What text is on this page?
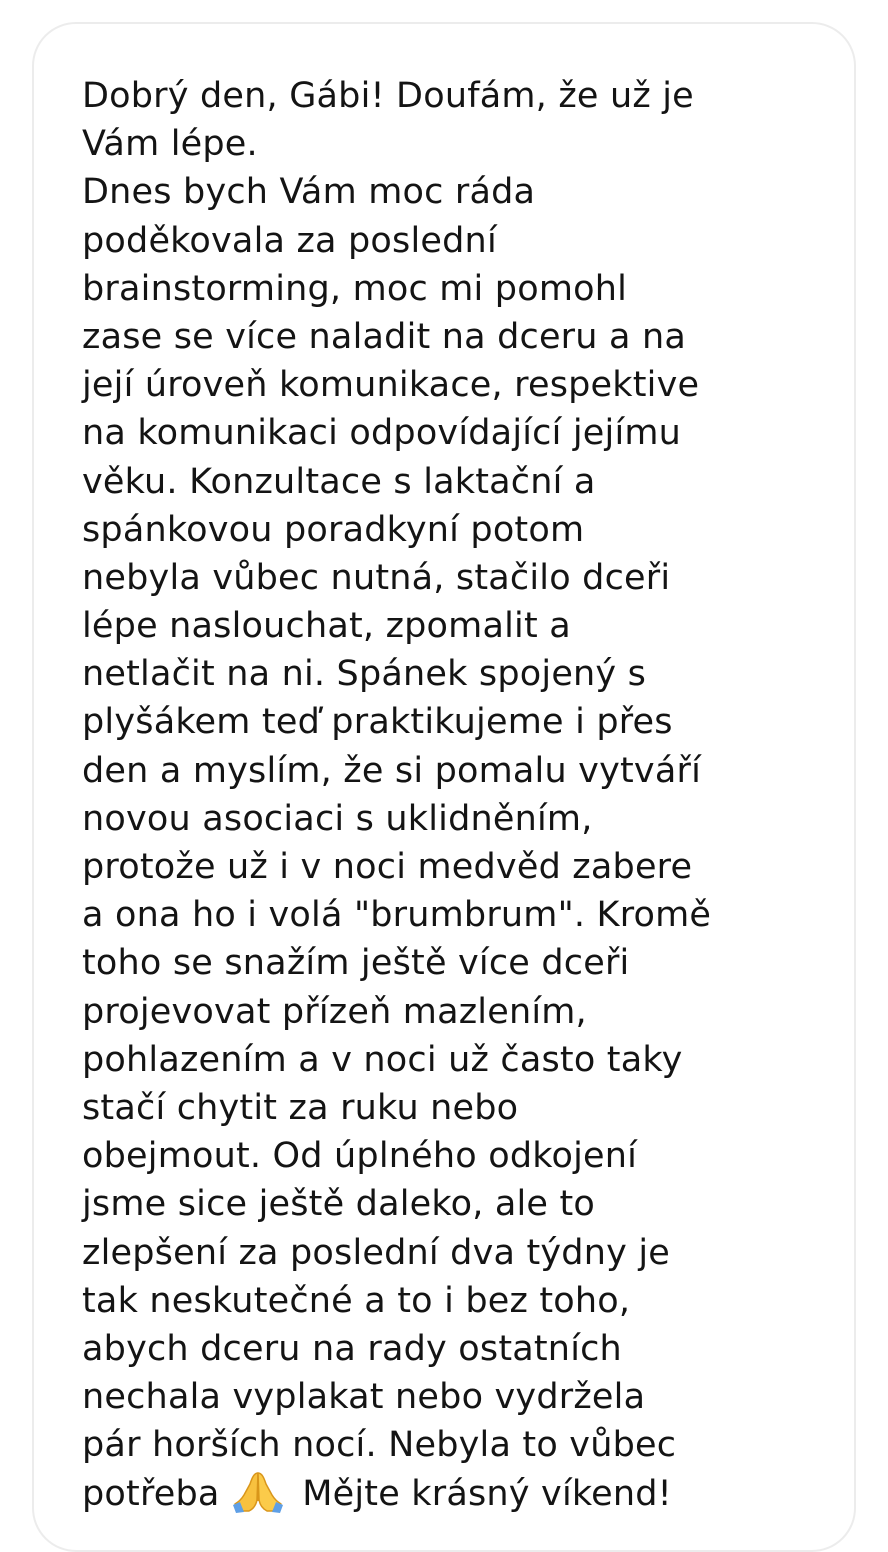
Dobrý den, Gábi! Doufám, že už je
Vám lépe.
Dnes bych Vám moc ráda
poděkovala za poslední
brainstorming, moc mi pomohl
zase se více naladit na dceru a na
její úroveň komunikace, respektive
na komunikaci odpovídající jejímu
věku. Konzultace s laktační a
spánkovou poradkyní potom
nebyla vůbec nutná, stačilo dceři
lépe naslouchat, zpomalit a
netlačit na ni. Spánek spojený s
plyšákem teď praktikujeme i přes
den a myslím, že si pomalu vytváří
novou asociaci s uklidněním,
protože už i v noci medvěd zabere
a ona ho i volá "brumbrum". Kromě
toho se snažím ještě více dceři
projevovat přízeň mazlením,
pohlazením a v noci už často taky
stačí chytit za ruku nebo
obejmout. Od úplného odkojení
jsme sice ještě daleko, ale to
zlepšení za poslední dva týdny je
tak neskutečné a to i bez toho,
abych dceru na rady ostatních
nechala vyplakat nebo vydržela
pár horších nocí. Nebyla to vůbec
potřeba Mějte krásný víkend!
